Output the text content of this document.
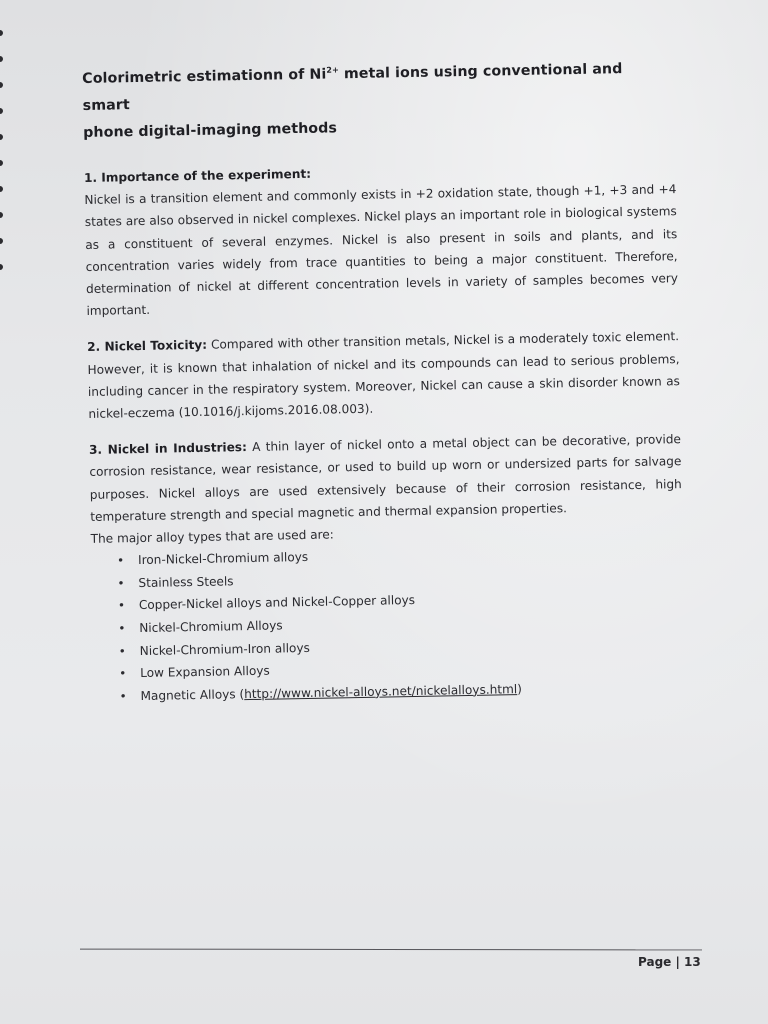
Colorimetric estimationn of $Ni^{2+}$ metal ions using conventional and smart
phone digital-imaging methods

1. Importance of the experiment:
Nickel is a transition element and commonly exists in +2 oxidation state, though +1, +3 and +4 states are also observed in nickel complexes. Nickel plays an important role in biological systems as a constituent of several enzymes. Nickel is also present in soils and plants, and its concentration varies widely from trace quantities to being a major constituent. Therefore, determination of nickel at different concentration levels in variety of samples becomes very important.

2. Nickel Toxicity: Compared with other transition metals, Nickel is a moderately toxic element. However, it is known that inhalation of nickel and its compounds can lead to serious problems, including cancer in the respiratory system. Moreover, Nickel can cause a skin disorder known as nickel-eczema (10.1016/j.kijoms.2016.08.003).

3. Nickel in Industries: A thin layer of nickel onto a metal object can be decorative, provide corrosion resistance, wear resistance, or used to build up worn or undersized parts for salvage purposes. Nickel alloys are used extensively because of their corrosion resistance, high temperature strength and special magnetic and thermal expansion properties.
The major alloy types that are used are:
• Iron-Nickel-Chromium alloys
• Stainless Steels
• Copper-Nickel alloys and Nickel-Copper alloys
• Nickel-Chromium Alloys
• Nickel-Chromium-Iron alloys
• Low Expansion Alloys
• Magnetic Alloys (http://www.nickel-alloys.net/nickelalloys.html)
Page | 13
